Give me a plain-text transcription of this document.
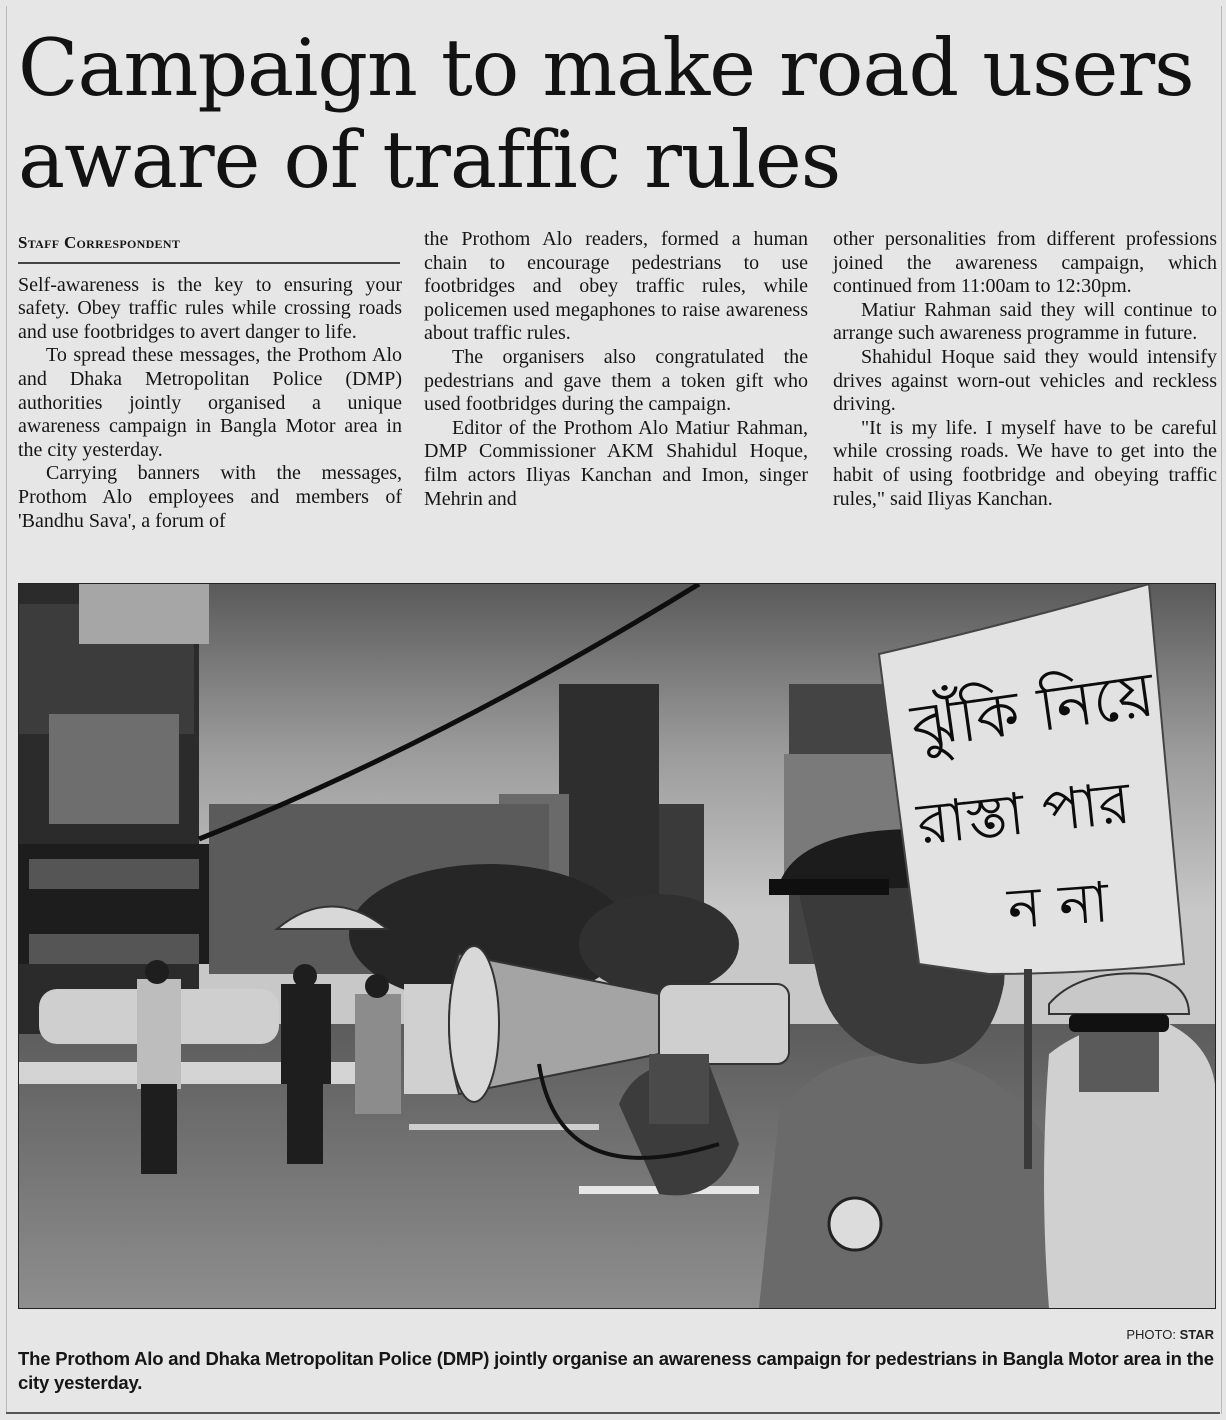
Campaign to make road users
aware of traffic rules
Staff Correspondent

Self-awareness is the key to ensuring your safety. Obey traffic rules while crossing roads and use footbridges to avert danger to life.

To spread these messages, the Prothom Alo and Dhaka Metropolitan Police (DMP) authorities jointly organised a unique awareness campaign in Bangla Motor area in the city yesterday.

Carrying banners with the messages, Prothom Alo employees and members of 'Bandhu Sava', a forum of

the Prothom Alo readers, formed a human chain to encourage pedestrians to use footbridges and obey traffic rules, while policemen used megaphones to raise awareness about traffic rules.

The organisers also congratulated the pedestrians and gave them a token gift who used footbridges during the campaign.

Editor of the Prothom Alo Matiur Rahman, DMP Commissioner AKM Shahidul Hoque, film actors Iliyas Kanchan and Imon, singer Mehrin and

other personalities from different professions joined the awareness campaign, which continued from 11:00am to 12:30pm.

Matiur Rahman said they will continue to arrange such awareness programme in future.

Shahidul Hoque said they would intensify drives against worn-out vehicles and reckless driving.

"It is my life. I myself have to be careful while crossing roads. We have to get into the habit of using footbridge and obeying traffic rules," said Iliyas Kanchan.

ঝুঁকি নিয়ে
রাস্তা পার
ন না
PHOTO: STAR

The Prothom Alo and Dhaka Metropolitan Police (DMP) jointly organise an awareness campaign for pedestrians in Bangla Motor area in the city yesterday.
